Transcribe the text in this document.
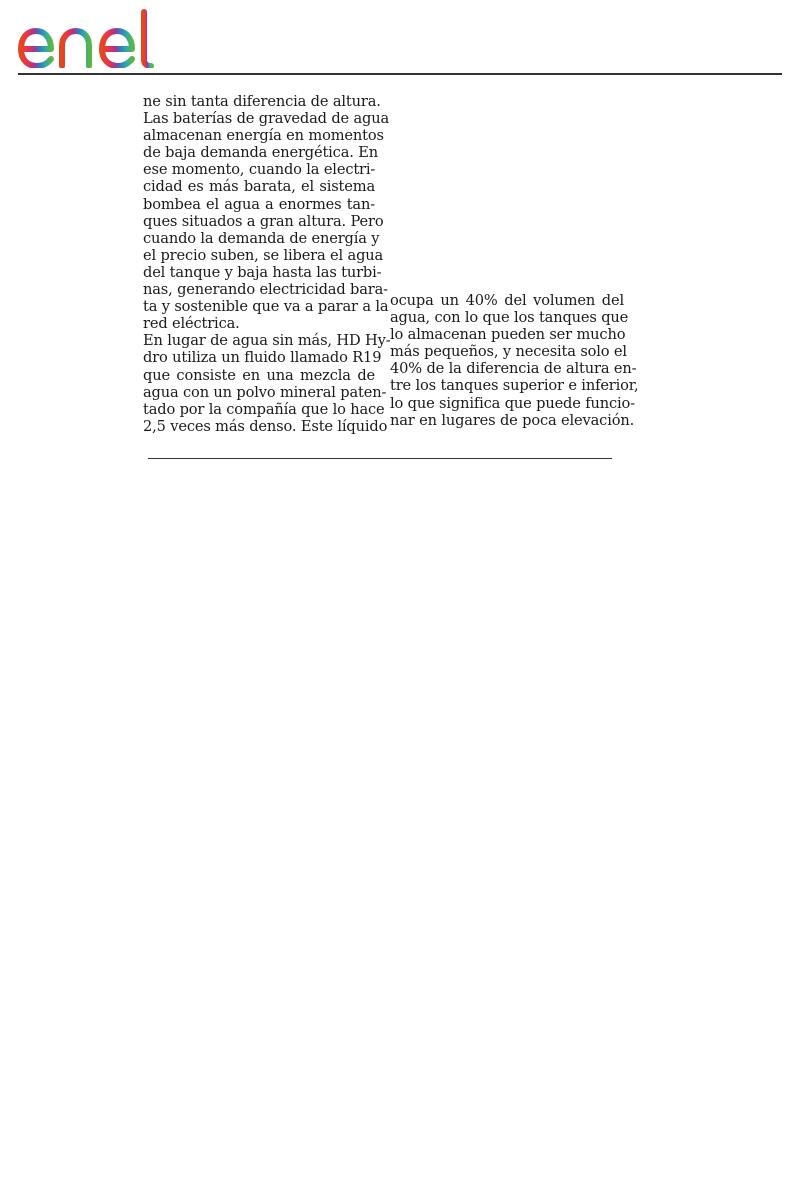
ne sin tanta diferencia de altura.
Las baterías de gravedad de agua
almacenan energía en momentos
de baja demanda energética. En
ese momento, cuando la electri-
cidad es más barata, el sistema
bombea el agua a enormes tan-
ques situados a gran altura. Pero
cuando la demanda de energía y
el precio suben, se libera el agua
del tanque y baja hasta las turbi-
nas, generando electricidad bara-
ta y sostenible que va a parar a la
red eléctrica.
En lugar de agua sin más, HD Hy-
dro utiliza un fluido llamado R19
que consiste en una mezcla de
agua con un polvo mineral paten-
tado por la compañía que lo hace
2,5 veces más denso. Este líquido
ocupa un 40% del volumen del
agua, con lo que los tanques que
lo almacenan pueden ser mucho
más pequeños, y necesita solo el
40% de la diferencia de altura en-
tre los tanques superior e inferior,
lo que significa que puede funcio-
nar en lugares de poca elevación.
